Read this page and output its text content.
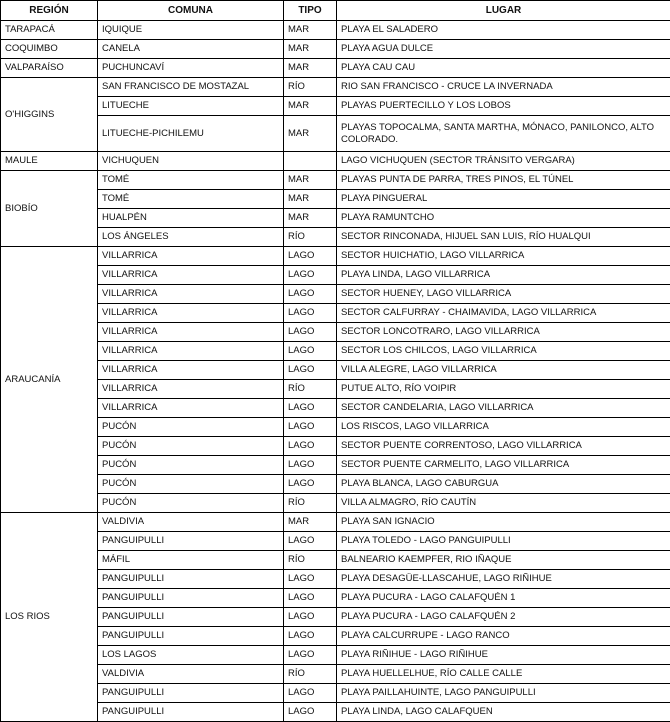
REGIÓN	COMUNA	TIPO	LUGAR
TARAPACÁ	IQUIQUE	MAR	PLAYA EL SALADERO
COQUIMBO	CANELA	MAR	PLAYA AGUA DULCE
VALPARAÍSO	PUCHUNCAVÍ	MAR	PLAYA CAU CAU
O'HIGGINS	SAN FRANCISCO DE MOSTAZAL	RÍO	RIO SAN FRANCISCO - CRUCE LA INVERNADA
	LITUECHE	MAR	PLAYAS PUERTECILLO Y LOS LOBOS
	LITUECHE-PICHILEMU	MAR	PLAYAS TOPOCALMA, SANTA MARTHA, MÓNACO, PANILONCO, ALTO COLORADO.
MAULE	VICHUQUEN		LAGO VICHUQUEN (SECTOR TRÁNSITO VERGARA)
BIOBÍO	TOMÉ	MAR	PLAYAS PUNTA DE PARRA, TRES PINOS, EL TÚNEL
	TOMÉ	MAR	PLAYA PINGUERAL
	HUALPÉN	MAR	PLAYA RAMUNTCHO
	LOS ÁNGELES	RÍO	SECTOR RINCONADA, HIJUEL SAN LUIS, RÍO HUALQUI
ARAUCANÍA	VILLARRICA	LAGO	SECTOR HUICHATIO, LAGO VILLARRICA
	VILLARRICA	LAGO	PLAYA LINDA, LAGO VILLARRICA
	VILLARRICA	LAGO	SECTOR HUENEY, LAGO VILLARRICA
	VILLARRICA	LAGO	SECTOR CALFURRAY - CHAIMAVIDA, LAGO VILLARRICA
	VILLARRICA	LAGO	SECTOR LONCOTRARO, LAGO VILLARRICA
	VILLARRICA	LAGO	SECTOR LOS CHILCOS, LAGO VILLARRICA
	VILLARRICA	LAGO	VILLA ALEGRE, LAGO VILLARRICA
	VILLARRICA	RÍO	PUTUE ALTO, RÍO VOIPIR
	VILLARRICA	LAGO	SECTOR CANDELARIA, LAGO VILLARRICA
	PUCÓN	LAGO	LOS RISCOS, LAGO VILLARRICA
	PUCÓN	LAGO	SECTOR PUENTE CORRENTOSO, LAGO VILLARRICA
	PUCÓN	LAGO	SECTOR PUENTE CARMELITO, LAGO VILLARRICA
	PUCÓN	LAGO	PLAYA BLANCA, LAGO CABURGUA
	PUCÓN	RÍO	VILLA ALMAGRO, RÍO CAUTÍN
LOS RIOS	VALDIVIA	MAR	PLAYA SAN IGNACIO
	PANGUIPULLI	LAGO	PLAYA TOLEDO - LAGO PANGUIPULLI
	MÁFIL	RÍO	BALNEARIO KAEMPFER, RIO IÑAQUE
	PANGUIPULLI	LAGO	PLAYA DESAGÜE-LLASCAHUE, LAGO RIÑIHUE
	PANGUIPULLI	LAGO	PLAYA PUCURA - LAGO CALAFQUÉN 1
	PANGUIPULLI	LAGO	PLAYA PUCURA - LAGO CALAFQUÉN 2
	PANGUIPULLI	LAGO	PLAYA CALCURRUPE - LAGO RANCO
	LOS LAGOS	LAGO	PLAYA RIÑIHUE - LAGO RIÑIHUE
	VALDIVIA	RÍO	PLAYA HUELLELHUE, RÍO CALLE CALLE
	PANGUIPULLI	LAGO	PLAYA PAILLAHUINTE, LAGO PANGUIPULLI
	PANGUIPULLI	LAGO	PLAYA LINDA, LAGO CALAFQUEN
